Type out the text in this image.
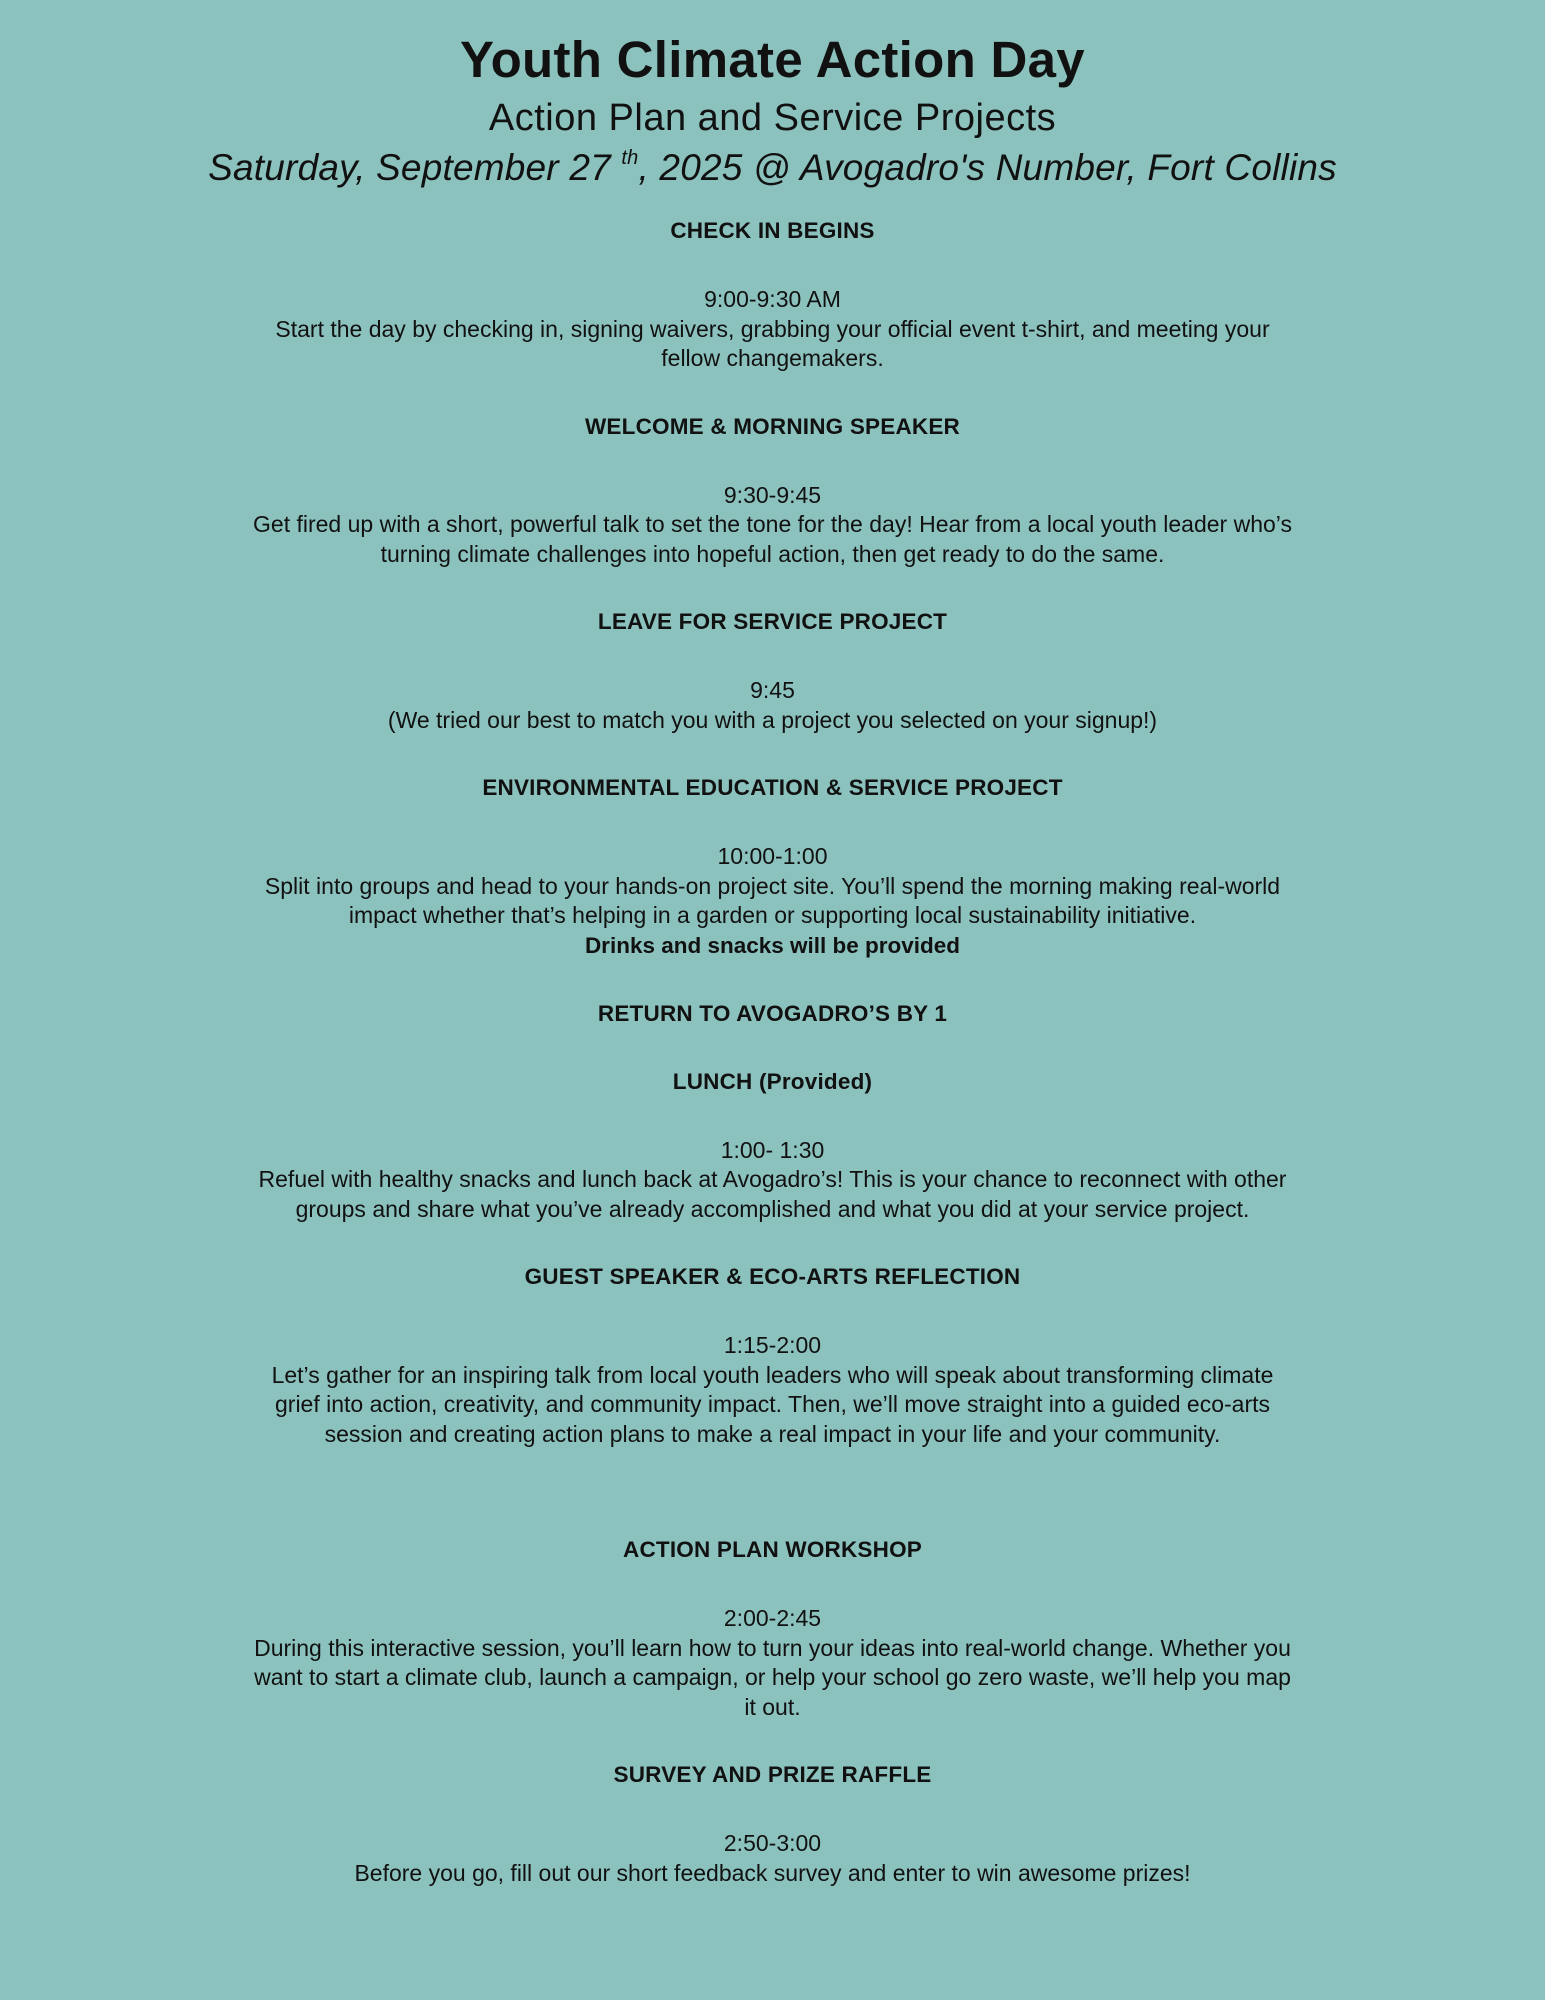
Youth Climate Action Day
Action Plan and Service Projects

Saturday, September 27 $^{th}$, 2025 @ Avogadro's Number, Fort Collins

CHECK IN BEGINS

9:00-9:30 AM

Start the day by checking in, signing waivers, grabbing your official event t-shirt, and meeting your fellow changemakers.

WELCOME & MORNING SPEAKER

9:30-9:45

Get fired up with a short, powerful talk to set the tone for the day! Hear from a local youth leader who’s turning climate challenges into hopeful action, then get ready to do the same.

LEAVE FOR SERVICE PROJECT

9:45

(We tried our best to match you with a project you selected on your signup!)

ENVIRONMENTAL EDUCATION & SERVICE PROJECT

10:00-1:00

Split into groups and head to your hands-on project site. You’ll spend the morning making real-world impact whether that’s helping in a garden or supporting local sustainability initiative.

Drinks and snacks will be provided

RETURN TO AVOGADRO’S BY 1

LUNCH (Provided)

1:00- 1:30

Refuel with healthy snacks and lunch back at Avogadro’s! This is your chance to reconnect with other groups and share what you’ve already accomplished and what you did at your service project.

GUEST SPEAKER & ECO-ARTS REFLECTION

1:15-2:00

Let’s gather for an inspiring talk from local youth leaders who will speak about transforming climate grief into action, creativity, and community impact. Then, we’ll move straight into a guided eco-arts session and creating action plans to make a real impact in your life and your community.

ACTION PLAN WORKSHOP

2:00-2:45

During this interactive session, you’ll learn how to turn your ideas into real-world change. Whether you want to start a climate club, launch a campaign, or help your school go zero waste, we’ll help you map it out.

SURVEY AND PRIZE RAFFLE

2:50-3:00

Before you go, fill out our short feedback survey and enter to win awesome prizes!
